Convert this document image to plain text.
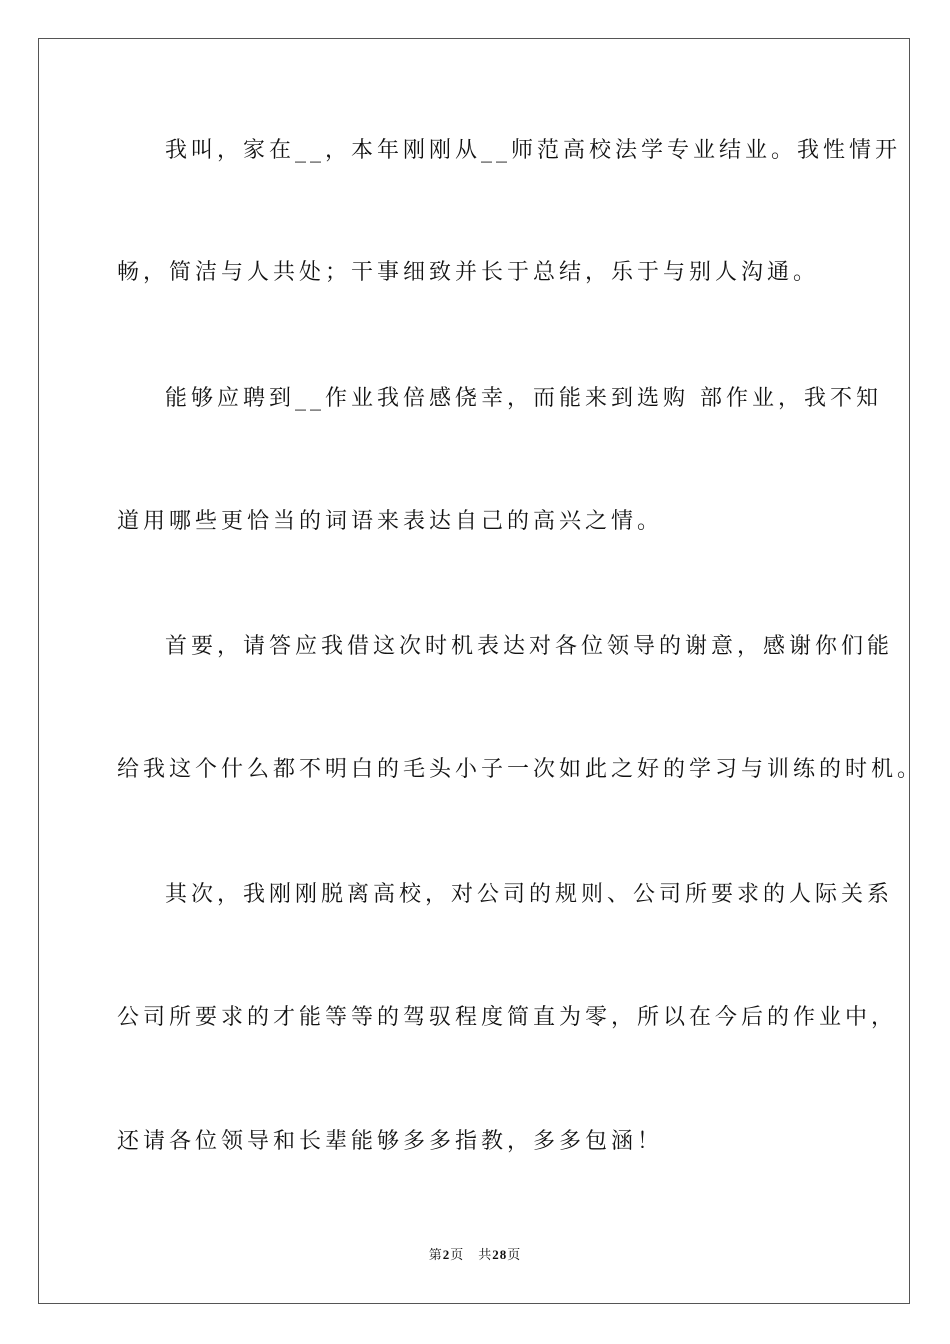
我叫，家在__，本年刚刚从__师范高校法学专业结业。我性情开
畅，简洁与人共处；干事细致并长于总结，乐于与别人沟通。
能够应聘到__作业我倍感侥幸，而能来到选购 部作业，我不知
道用哪些更恰当的词语来表达自己的高兴之情。
首要，请答应我借这次时机表达对各位领导的谢意，感谢你们能
给我这个什么都不明白的毛头小子一次如此之好的学习与训练的时机。
其次，我刚刚脱离高校，对公司的规则、公司所要求的人际关系
公司所要求的才能等等的驾驭程度简直为零，所以在今后的作业中，
还请各位领导和长辈能够多多指教，多多包涵！
第2页 共28页
